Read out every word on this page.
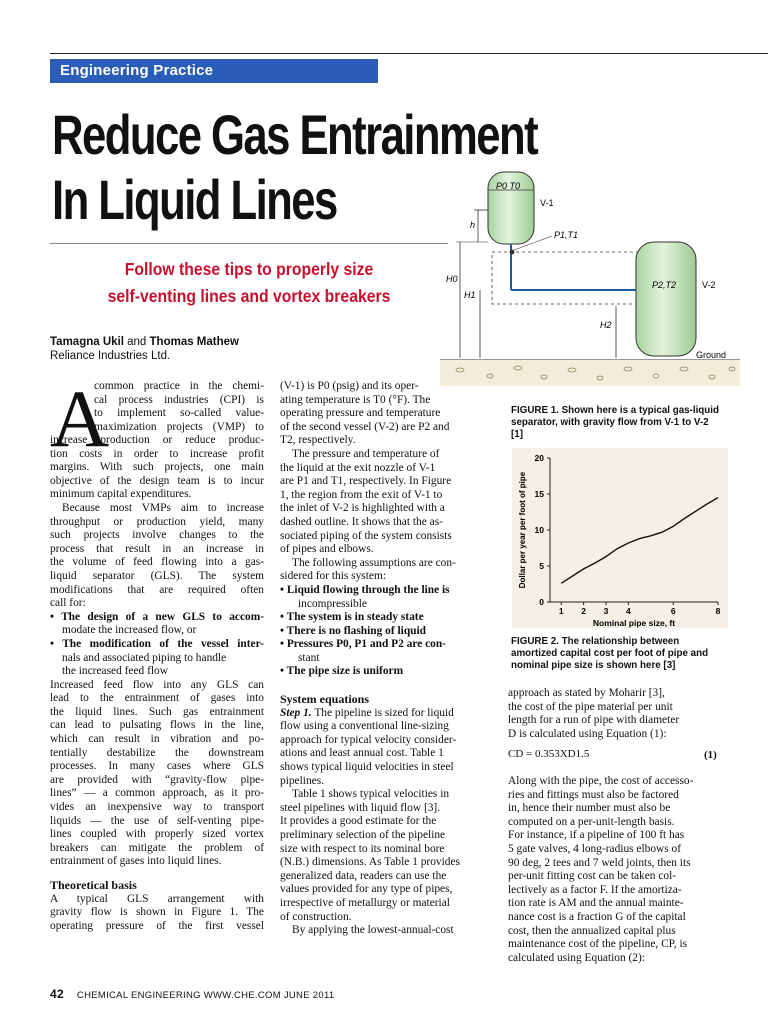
Engineering Practice
Reduce Gas Entrainment
In Liquid Lines
Follow these tips to properly size
self-venting lines and vortex breakers
Tamagna Ukil and Thomas Mathew
Reliance Industries Ltd.
P0 T0
V-1
h
P1,T1
P2,T2	V-2
H0
H1
H2
Ground
FIGURE 1. Shown here is a typical gas-liquid separator, with gravity flow from V-1 to V-2 [1]
0
5
10
15
20
1 2 3 4	6	8
Nominal pipe size, ft
Dollar per year per foot of pipe
FIGURE 2. The relationship between amortized capital cost per foot of pipe and nominal pipe size is shown here [3]
A
common practice in the chemi-
cal process industries (CPI) is
to implement so-called value-
maximization projects (VMP) to
increase production or reduce produc-
tion costs in order to increase profit
margins. With such projects, one main
objective of the design team is to incur
minimum capital expenditures.
Because most VMPs aim to increase
throughput or production yield, many
such projects involve changes to the
process that result in an increase in
the volume of feed flowing into a gas-
liquid separator (GLS). The system
modifications that are required often
call for:
• The design of a new GLS to accom-
modate the increased flow, or
• The modification of the vessel inter-
nals and associated piping to handle
the increased feed flow
Increased feed flow into any GLS can
lead to the entrainment of gases into
the liquid lines. Such gas entrainment
can lead to pulsating flows in the line,
which can result in vibration and po-
tentially destabilize the downstream
processes. In many cases where GLS
are provided with “gravity-flow pipe-
lines” — a common approach, as it pro-
vides an inexpensive way to transport
liquids — the use of self-venting pipe-
lines coupled with properly sized vortex
breakers can mitigate the problem of
entrainment of gases into liquid lines.
Theoretical basis
A typical GLS arrangement with
gravity flow is shown in Figure 1. The
operating pressure of the first vessel
(V-1) is P0 (psig) and its oper-
ating temperature is T0 (°F). The
operating pressure and temperature
of the second vessel (V-2) are P2 and
T2, respectively.
The pressure and temperature of
the liquid at the exit nozzle of V-1
are P1 and T1, respectively. In Figure
1, the region from the exit of V-1 to
the inlet of V-2 is highlighted with a
dashed outline. It shows that the as-
sociated piping of the system consists
of pipes and elbows.
The following assumptions are con-
sidered for this system:
• Liquid flowing through the line is
incompressible
• The system is in steady state
• There is no flashing of liquid
• Pressures P0, P1 and P2 are con-
stant
• The pipe size is uniform
System equations
Step 1. The pipeline is sized for liquid
flow using a conventional line-sizing
approach for typical velocity consider-
ations and least annual cost. Table 1
shows typical liquid velocities in steel
pipelines.
Table 1 shows typical velocities in
steel pipelines with liquid flow [3].
It provides a good estimate for the
preliminary selection of the pipeline
size with respect to its nominal bore
(N.B.) dimensions. As Table 1 provides
generalized data, readers can use the
values provided for any type of pipes,
irrespective of metallurgy or material
of construction.
By applying the lowest-annual-cost
approach as stated by Moharir [3],
the cost of the pipe material per unit
length for a run of pipe with diameter
D is calculated using Equation (1):
CD = 0.353XD1.5	(1)
Along with the pipe, the cost of accesso-
ries and fittings must also be factored
in, hence their number must also be
computed on a per-unit-length basis.
For instance, if a pipeline of 100 ft has
5 gate valves, 4 long-radius elbows of
90 deg, 2 tees and 7 weld joints, then its
per-unit fitting cost can be taken col-
lectively as a factor F. If the amortiza-
tion rate is AM and the annual mainte-
nance cost is a fraction G of the capital
cost, then the annualized capital plus
maintenance cost of the pipeline, CP, is
calculated using Equation (2):
42 CHEMICAL ENGINEERING WWW.CHE.COM JUNE 2011
